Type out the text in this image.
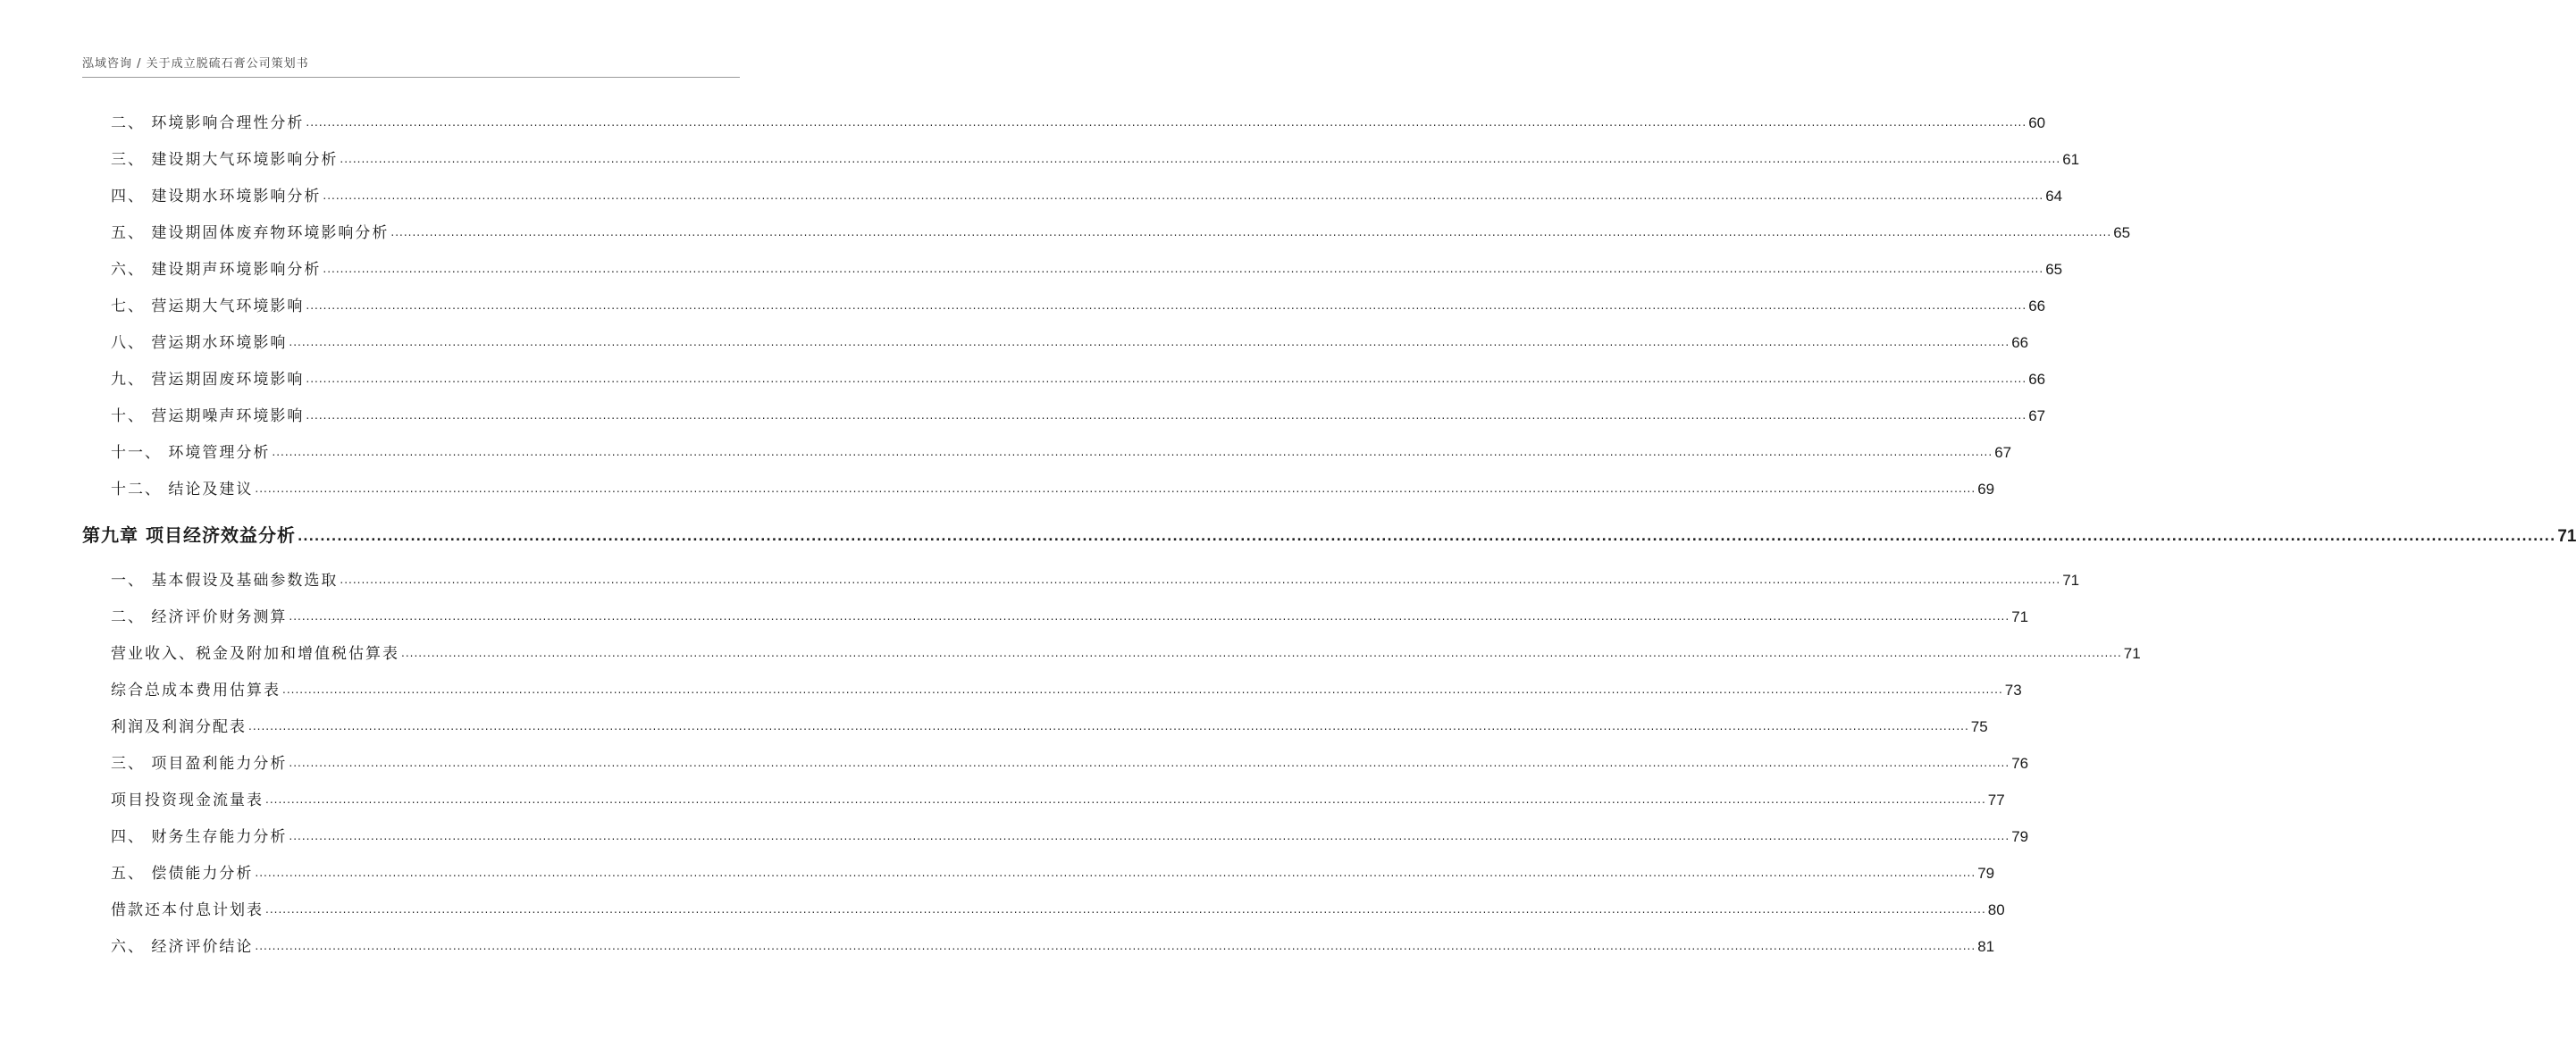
泓域咨询 / 关于成立脱硫石膏公司策划书
二、 环境影响合理性分析 ................................................................................................................................................................................................................................................................................................................................................................................................................ 60
三、 建设期大气环境影响分析 ................................................................................................................................................................................................................................................................................................................................................................................................................ 61
四、 建设期水环境影响分析 ................................................................................................................................................................................................................................................................................................................................................................................................................ 64
五、 建设期固体废弃物环境影响分析 ................................................................................................................................................................................................................................................................................................................................................................................................................ 65
六、 建设期声环境影响分析 ................................................................................................................................................................................................................................................................................................................................................................................................................ 65
七、 营运期大气环境影响 ................................................................................................................................................................................................................................................................................................................................................................................................................ 66
八、 营运期水环境影响 ................................................................................................................................................................................................................................................................................................................................................................................................................ 66
九、 营运期固废环境影响 ................................................................................................................................................................................................................................................................................................................................................................................................................ 66
十、 营运期噪声环境影响 ................................................................................................................................................................................................................................................................................................................................................................................................................ 67
十一、 环境管理分析 ................................................................................................................................................................................................................................................................................................................................................................................................................ 67
十二、 结论及建议 ................................................................................................................................................................................................................................................................................................................................................................................................................ 69
第九章 项目经济效益分析 ................................................................................................................................................................................................................................................................................................................................................................................................................ 71
一、 基本假设及基础参数选取 ................................................................................................................................................................................................................................................................................................................................................................................................................ 71
二、 经济评价财务测算 ................................................................................................................................................................................................................................................................................................................................................................................................................ 71
营业收入、税金及附加和增值税估算表 ................................................................................................................................................................................................................................................................................................................................................................................................................ 71
综合总成本费用估算表 ................................................................................................................................................................................................................................................................................................................................................................................................................ 73
利润及利润分配表 ................................................................................................................................................................................................................................................................................................................................................................................................................ 75
三、 项目盈利能力分析 ................................................................................................................................................................................................................................................................................................................................................................................................................ 76
项目投资现金流量表 ................................................................................................................................................................................................................................................................................................................................................................................................................ 77
四、 财务生存能力分析 ................................................................................................................................................................................................................................................................................................................................................................................................................ 79
五、 偿债能力分析 ................................................................................................................................................................................................................................................................................................................................................................................................................ 79
借款还本付息计划表 ................................................................................................................................................................................................................................................................................................................................................................................................................ 80
六、 经济评价结论 ................................................................................................................................................................................................................................................................................................................................................................................................................ 81
